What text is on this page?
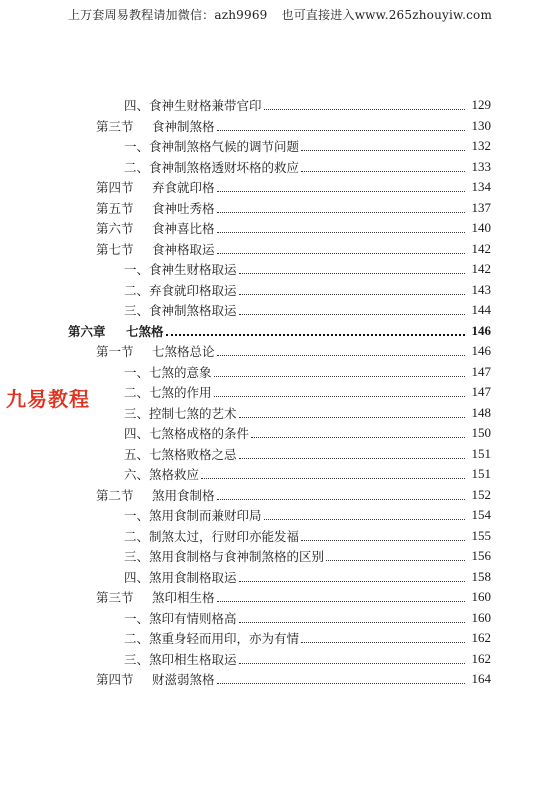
上万套周易教程请加微信：azh9969 也可直接进入www.265zhouyiw.com
九易教程
四、食神生财格兼带官印	129
第三节 食神制煞格	130
一、食神制煞格气候的调节问题	132
二、食神制煞格透财坏格的救应	133
第四节 弃食就印格	134
第五节 食神吐秀格	137
第六节 食神喜比格	140
第七节 食神格取运	142
一、食神生财格取运	142
二、弃食就印格取运	143
三、食神制煞格取运	144
第六章 七煞格	146
第一节 七煞格总论	146
一、七煞的意象	147
二、七煞的作用	147
三、控制七煞的艺术	148
四、七煞格成格的条件	150
五、七煞格败格之忌	151
六、煞格救应	151
第二节 煞用食制格	152
一、煞用食制而兼财印局	154
二、制煞太过，行财印亦能发福	155
三、煞用食制格与食神制煞格的区别	156
四、煞用食制格取运	158
第三节 煞印相生格	160
一、煞印有情则格高	160
二、煞重身轻而用印，亦为有情	162
三、煞印相生格取运	162
第四节 财滋弱煞格	164
